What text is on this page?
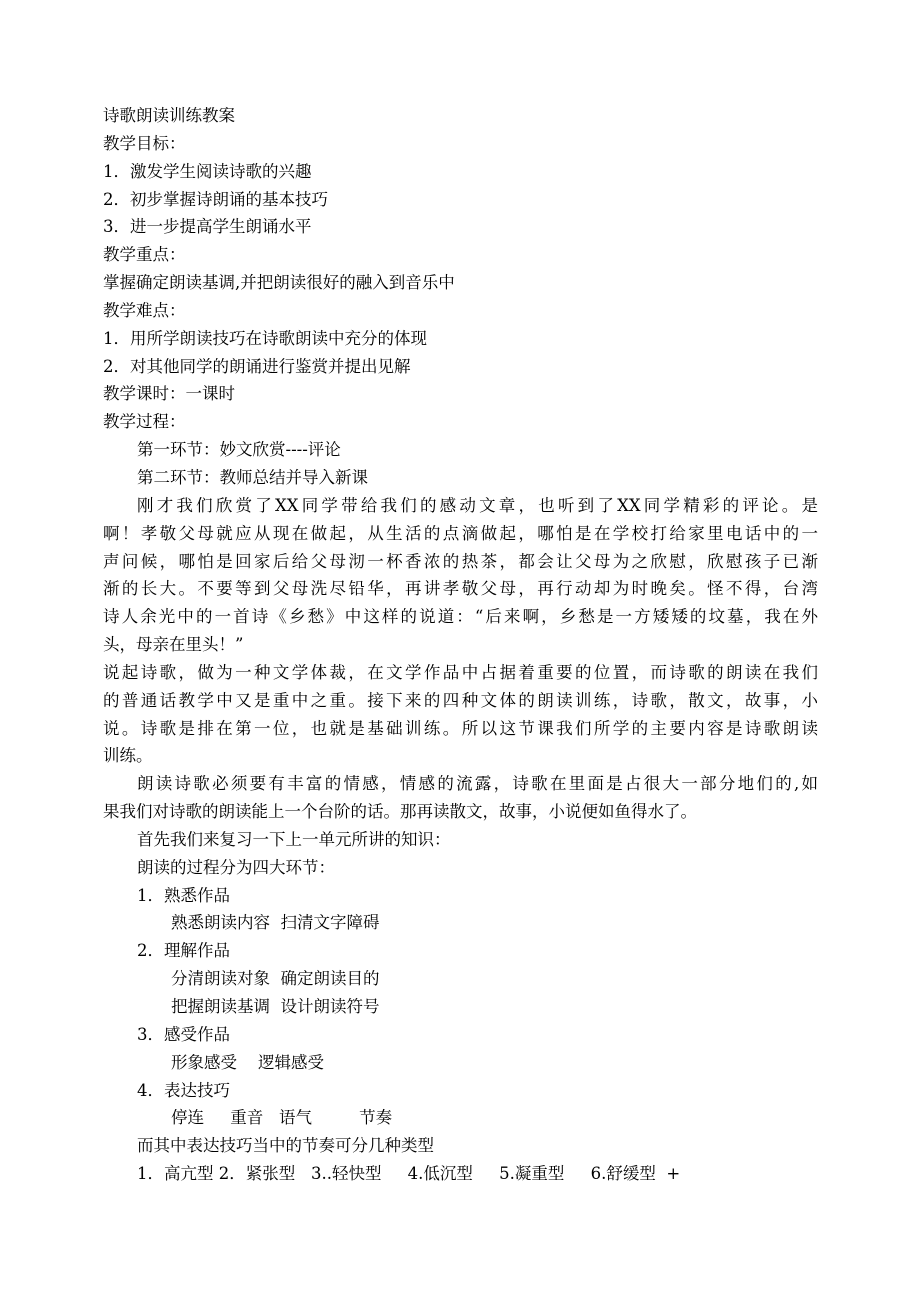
诗歌朗读训练教案
教学目标：
1．激发学生阅读诗歌的兴趣
2．初步掌握诗朗诵的基本技巧
3．进一步提高学生朗诵水平
教学重点：
掌握确定朗读基调,并把朗读很好的融入到音乐中
教学难点：
1．用所学朗读技巧在诗歌朗读中充分的体现
2．对其他同学的朗诵进行鉴赏并提出见解
教学课时：一课时
教学过程：
第一环节：妙文欣赏----评论
第二环节：教师总结并导入新课
刚才我们欣赏了XX同学带给我们的感动文章，也听到了XX同学精彩的评论。是
啊！孝敬父母就应从现在做起，从生活的点滴做起，哪怕是在学校打给家里电话中的一
声问候，哪怕是回家后给父母沏一杯香浓的热茶，都会让父母为之欣慰，欣慰孩子已渐
渐的长大。不要等到父母洗尽铅华，再讲孝敬父母，再行动却为时晚矣。怪不得，台湾
诗人余光中的一首诗《乡愁》中这样的说道：“后来啊，乡愁是一方矮矮的坟墓，我在外
头，母亲在里头！”
说起诗歌，做为一种文学体裁，在文学作品中占据着重要的位置，而诗歌的朗读在我们
的普通话教学中又是重中之重。接下来的四种文体的朗读训练，诗歌，散文，故事，小
说。诗歌是排在第一位，也就是基础训练。所以这节课我们所学的主要内容是诗歌朗读
训练。
朗读诗歌必须要有丰富的情感，情感的流露，诗歌在里面是占很大一部分地们的,如
果我们对诗歌的朗读能上一个台阶的话。那再读散文，故事，小说便如鱼得水了。
首先我们来复习一下上一单元所讲的知识：
朗读的过程分为四大环节：
1．熟悉作品
熟悉朗读内容  扫清文字障碍
2．理解作品
分清朗读对象  确定朗读目的
把握朗读基调  设计朗读符号
3．感受作品
形象感受    逻辑感受
4．表达技巧
停连     重音   语气         节奏
而其中表达技巧当中的节奏可分几种类型
1．高亢型 2．紧张型   3..轻快型     4.低沉型     5.凝重型     6.舒缓型  +
